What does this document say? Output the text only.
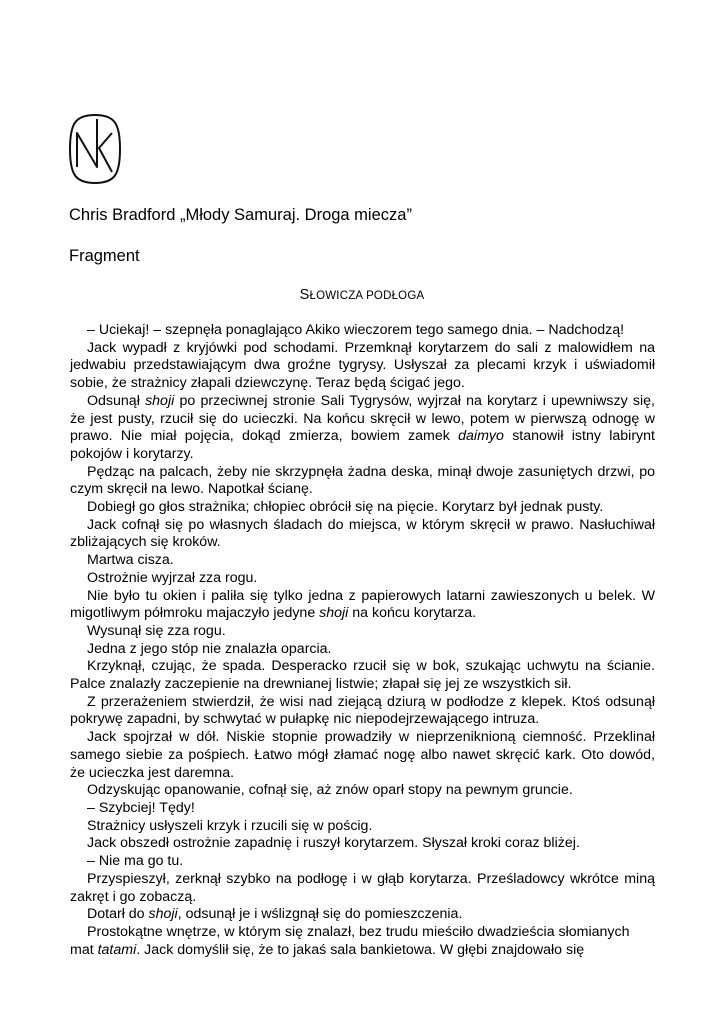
Chris Bradford „Młody Samuraj. Droga miecza”
Fragment
SŁOWICZA PODŁOGA

– Uciekaj! – szepnęła ponaglająco Akiko wieczorem tego samego dnia. – Nadchodzą!

Jack wypadł z kryjówki pod schodami. Przemknął korytarzem do sali z malowidłem na jedwabiu przedstawiającym dwa groźne tygrysy. Usłyszał za plecami krzyk i uświadomił sobie, że strażnicy złapali dziewczynę. Teraz będą ścigać jego.

Odsunął shoji po przeciwnej stronie Sali Tygrysów, wyjrzał na korytarz i upewniwszy się, że jest pusty, rzucił się do ucieczki. Na końcu skręcił w lewo, potem w pierwszą odnogę w prawo. Nie miał pojęcia, dokąd zmierza, bowiem zamek daimyo stanowił istny labirynt pokojów i korytarzy.

Pędząc na palcach, żeby nie skrzypnęła żadna deska, minął dwoje zasuniętych drzwi, po czym skręcił na lewo. Napotkał ścianę.

Dobiegł go głos strażnika; chłopiec obrócił się na pięcie. Korytarz był jednak pusty.

Jack cofnął się po własnych śladach do miejsca, w którym skręcił w prawo. Nasłuchiwał zbliżających się kroków.

Martwa cisza.

Ostrożnie wyjrzał zza rogu.

Nie było tu okien i paliła się tylko jedna z papierowych latarni zawieszonych u belek. W migotliwym półmroku majaczyło jedyne shoji na końcu korytarza.

Wysunął się zza rogu.

Jedna z jego stóp nie znalazła oparcia.

Krzyknął, czując, że spada. Desperacko rzucił się w bok, szukając uchwytu na ścianie. Palce znalazły zaczepienie na drewnianej listwie; złapał się jej ze wszystkich sił.

Z przerażeniem stwierdził, że wisi nad ziejącą dziurą w podłodze z klepek. Ktoś odsunął pokrywę zapadni, by schwytać w pułapkę nic niepodejrzewającego intruza.

Jack spojrzał w dół. Niskie stopnie prowadziły w nieprzeniknioną ciemność. Przeklinał samego siebie za pośpiech. Łatwo mógł złamać nogę albo nawet skręcić kark. Oto dowód, że ucieczka jest daremna.

Odzyskując opanowanie, cofnął się, aż znów oparł stopy na pewnym gruncie.

– Szybciej! Tędy!

Strażnicy usłyszeli krzyk i rzucili się w pościg.

Jack obszedł ostrożnie zapadnię i ruszył korytarzem. Słyszał kroki coraz bliżej.

– Nie ma go tu.

Przyspieszył, zerknął szybko na podłogę i w głąb korytarza. Prześladowcy wkrótce miną zakręt i go zobaczą.

Dotarł do shoji, odsunął je i wślizgnął się do pomieszczenia.

Prostokątne wnętrze, w którym się znalazł, bez trudu mieściło dwadzieścia słomianych mat tatami. Jack domyślił się, że to jakaś sala bankietowa. W głębi znajdowało się
